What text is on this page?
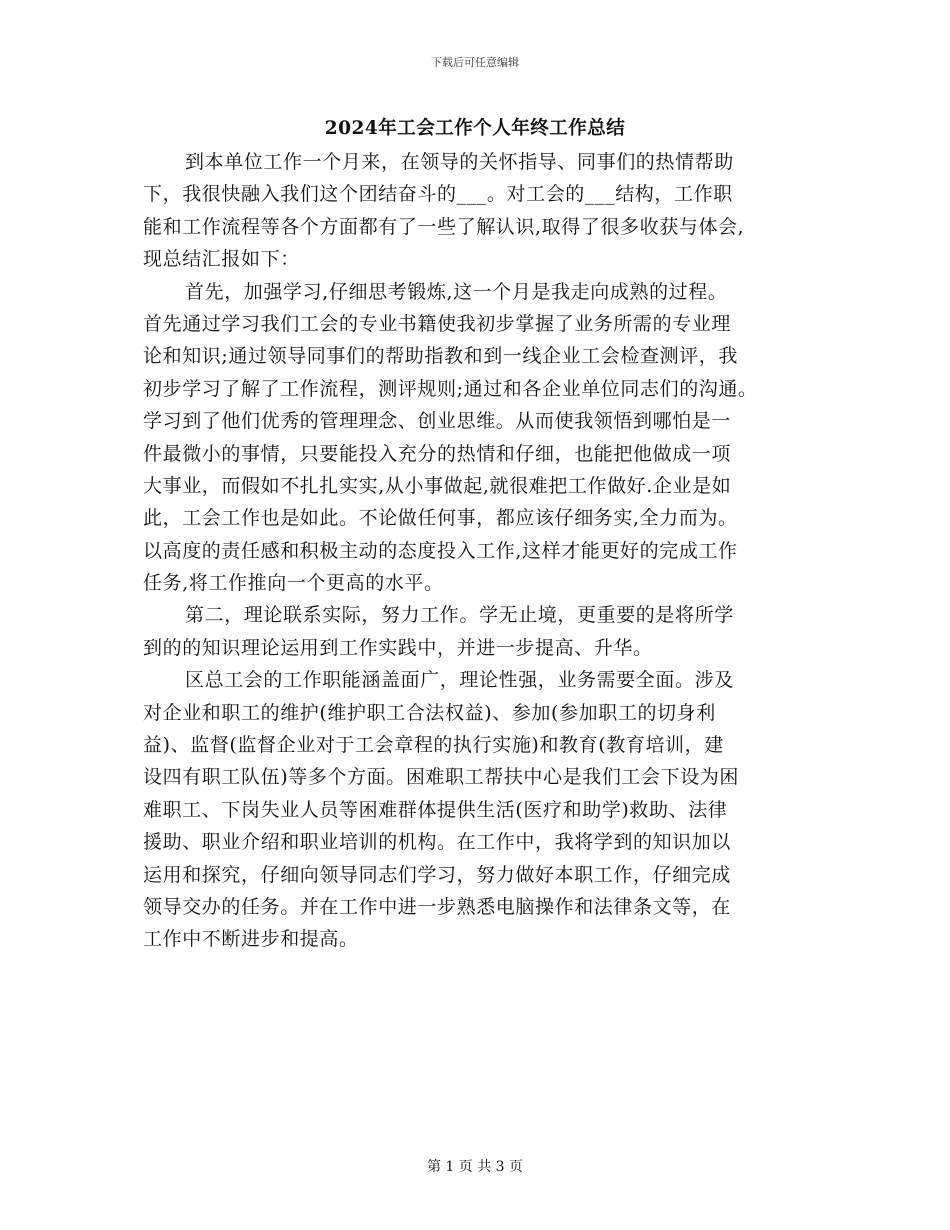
下载后可任意编辑
2024年工会工作个人年终工作总结
到本单位工作一个月来，在领导的关怀指导、同事们的热情帮助
下，我很快融入我们这个团结奋斗的___。对工会的___结构，工作职
能和工作流程等各个方面都有了一些了解认识,取得了很多收获与体会,
现总结汇报如下：
首先，加强学习,仔细思考锻炼,这一个月是我走向成熟的过程。
首先通过学习我们工会的专业书籍使我初步掌握了业务所需的专业理
论和知识;通过领导同事们的帮助指教和到一线企业工会检查测评，我
初步学习了解了工作流程，测评规则;通过和各企业单位同志们的沟通。
学习到了他们优秀的管理理念、创业思维。从而使我领悟到哪怕是一
件最微小的事情，只要能投入充分的热情和仔细，也能把他做成一项
大事业，而假如不扎扎实实,从小事做起,就很难把工作做好.企业是如
此，工会工作也是如此。不论做任何事，都应该仔细务实,全力而为。
以高度的责任感和积极主动的态度投入工作,这样才能更好的完成工作
任务,将工作推向一个更高的水平。
第二，理论联系实际，努力工作。学无止境，更重要的是将所学
到的的知识理论运用到工作实践中，并进一步提高、升华。
区总工会的工作职能涵盖面广，理论性强，业务需要全面。涉及
对企业和职工的维护(维护职工合法权益)、参加(参加职工的切身利
益)、监督(监督企业对于工会章程的执行实施)和教育(教育培训，建
设四有职工队伍)等多个方面。困难职工帮扶中心是我们工会下设为困
难职工、下岗失业人员等困难群体提供生活(医疗和助学)救助、法律
援助、职业介绍和职业培训的机构。在工作中，我将学到的知识加以
运用和探究，仔细向领导同志们学习，努力做好本职工作，仔细完成
领导交办的任务。并在工作中进一步熟悉电脑操作和法律条文等，在
工作中不断进步和提高。
第 1 页 共 3 页
